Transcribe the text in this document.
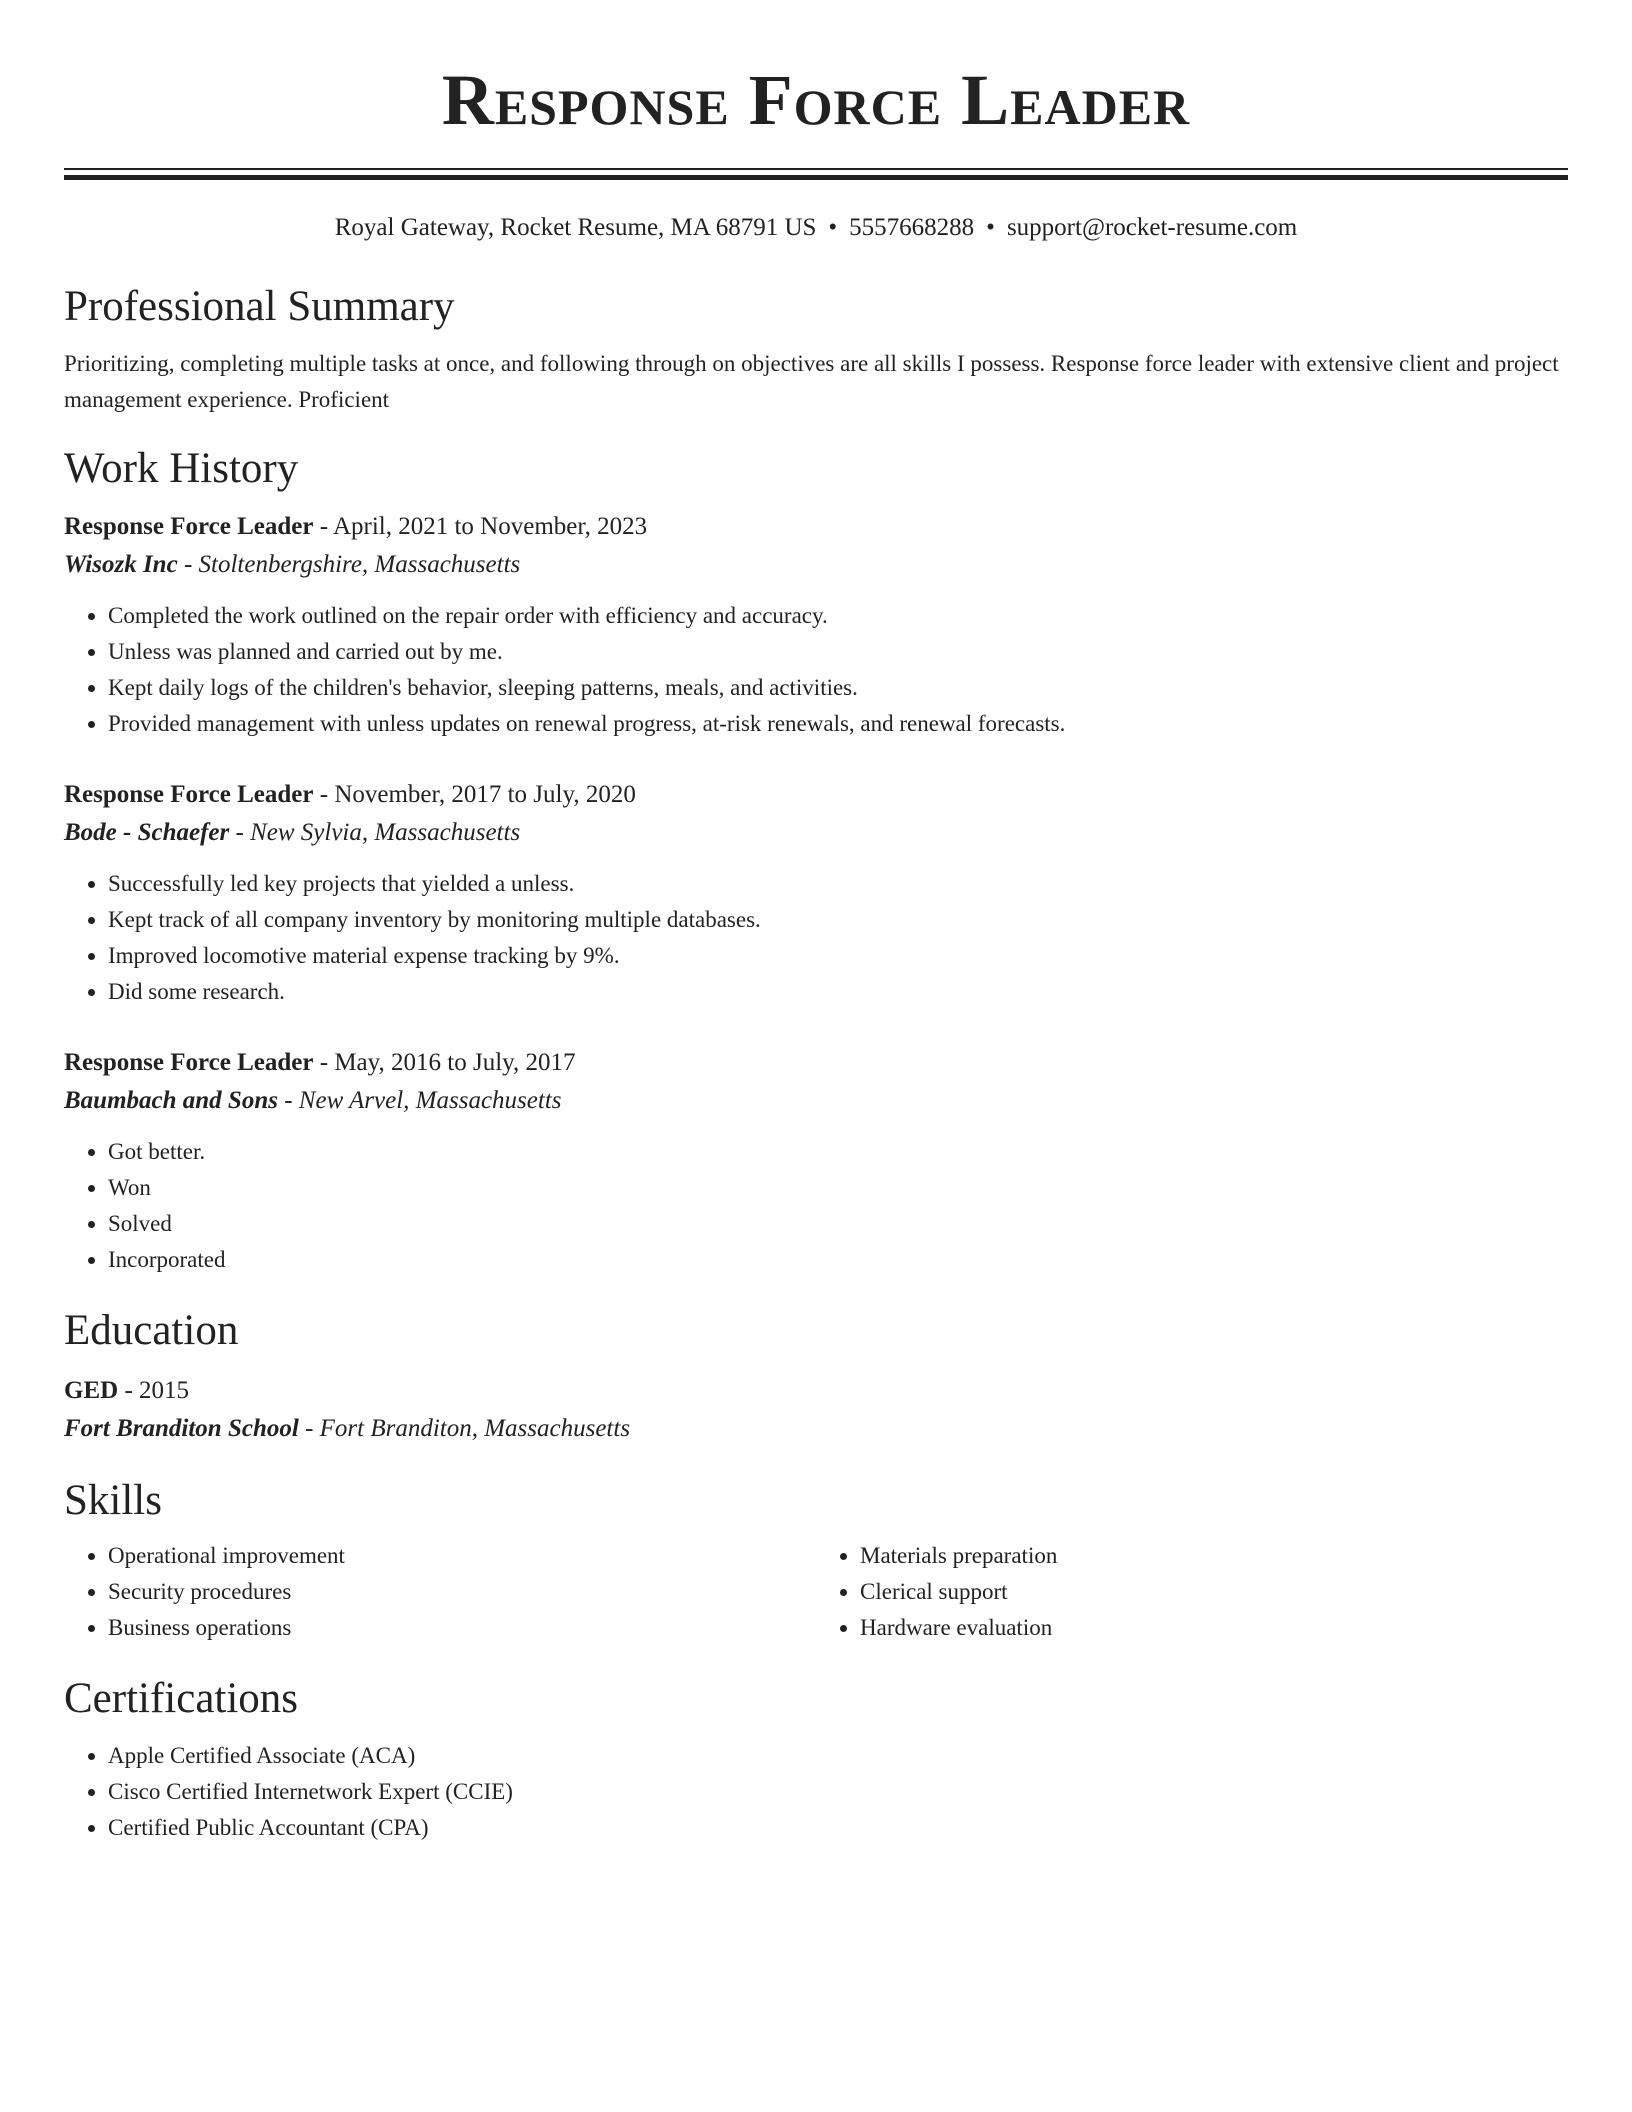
Response Force Leader
Royal Gateway, Rocket Resume, MA 68791 US • 5557668288 • support@rocket-resume.com
Professional Summary
Prioritizing, completing multiple tasks at once, and following through on objectives are all skills I possess. Response force leader with extensive client and project management experience. Proficient
Work History
Response Force Leader - April, 2021 to November, 2023
Wisozk Inc - Stoltenbergshire, Massachusetts
• Completed the work outlined on the repair order with efficiency and accuracy.
• Unless was planned and carried out by me.
• Kept daily logs of the children's behavior, sleeping patterns, meals, and activities.
• Provided management with unless updates on renewal progress, at-risk renewals, and renewal forecasts.
Response Force Leader - November, 2017 to July, 2020
Bode - Schaefer - New Sylvia, Massachusetts
• Successfully led key projects that yielded a unless.
• Kept track of all company inventory by monitoring multiple databases.
• Improved locomotive material expense tracking by 9%.
• Did some research.
Response Force Leader - May, 2016 to July, 2017
Baumbach and Sons - New Arvel, Massachusetts
• Got better.
• Won
• Solved
• Incorporated
Education
GED - 2015
Fort Branditon School - Fort Branditon, Massachusetts
Skills
• Operational improvement
• Security procedures
• Business operations
• Materials preparation
• Clerical support
• Hardware evaluation
Certifications
• Apple Certified Associate (ACA)
• Cisco Certified Internetwork Expert (CCIE)
• Certified Public Accountant (CPA)
